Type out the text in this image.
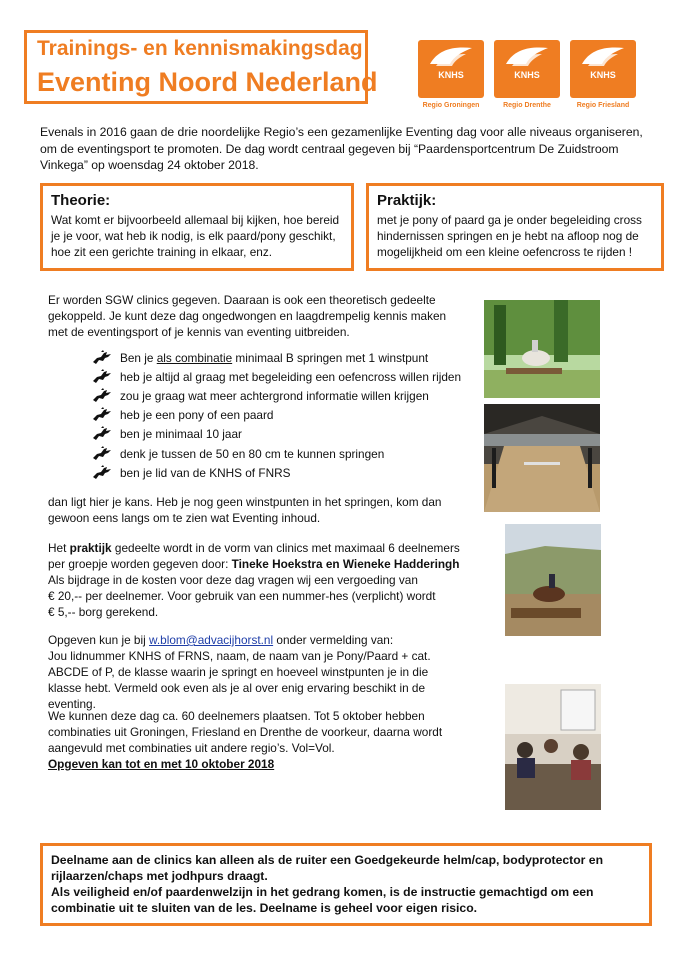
Trainings- en kennismakingsdag
Eventing Noord Nederland	KNHS
Regio Groningen
KNHS
Regio Drenthe
KNHS
Regio Friesland
Evenals in 2016 gaan de drie noordelijke Regio’s een gezamenlijke Eventing dag voor alle niveaus organiseren, om de eventingsport te promoten. De dag wordt centraal gegeven bij “Paardensportcentrum De Zuidstroom Vinkega” op woensdag 24 oktober 2018.
Theorie:
Wat komt er bijvoorbeeld allemaal bij kijken, hoe bereid je je voor, wat heb ik nodig, is elk paard/pony geschikt, hoe zit een gerichte training in elkaar, enz.
Praktijk:
met je pony of paard ga je onder begeleiding cross hindernissen springen en je hebt na afloop nog de mogelijkheid om een kleine oefencross te rijden !
Er worden SGW clinics gegeven. Daaraan is ook een theoretisch gedeelte gekoppeld. Je kunt deze dag ongedwongen en laagdrempelig kennis maken met de eventingsport of je kennis van eventing uitbreiden.
Ben je als combinatie minimaal B springen met 1 winstpunt
heb je altijd al graag met begeleiding een oefencross willen rijden
zou je graag wat meer achtergrond informatie willen krijgen
heb je een pony of een paard
ben je minimaal 10 jaar
denk je tussen de 50 en 80 cm te kunnen springen
ben je lid van de KNHS of FNRS
dan ligt hier je kans. Heb je nog geen winstpunten in het springen, kom dan gewoon eens langs om te zien wat Eventing inhoud.
Het praktijk gedeelte wordt in de vorm van clinics met maximaal 6 deelnemers per groepje worden gegeven door: Tineke Hoekstra en Wieneke Hadderingh
Als bijdrage in de kosten voor deze dag vragen wij een vergoeding van
€ 20,-- per deelnemer. Voor gebruik van een nummer-hes (verplicht) wordt
€ 5,-- borg gerekend.
Opgeven kun je bij w.blom@advacijhorst.nl onder vermelding van:
Jou lidnummer KNHS of FRNS, naam, de naam van je Pony/Paard + cat. ABCDE of P, de klasse waarin je springt en hoeveel winstpunten je in die klasse hebt. Vermeld ook even als je al over enig ervaring beschikt in de eventing.
We kunnen deze dag ca. 60 deelnemers plaatsen. Tot 5 oktober hebben combinaties uit Groningen, Friesland en Drenthe de voorkeur, daarna wordt aangevuld met combinaties uit andere regio’s. Vol=Vol.
Opgeven kan tot en met 10 oktober 2018
Deelname aan de clinics kan alleen als de ruiter een Goedgekeurde helm/cap, bodyprotector en rijlaarzen/chaps met jodhpurs draagt.
Als veiligheid en/of paardenwelzijn in het gedrang komen, is de instructie gemachtigd om een combinatie uit te sluiten van de les. Deelname is geheel voor eigen risico.
